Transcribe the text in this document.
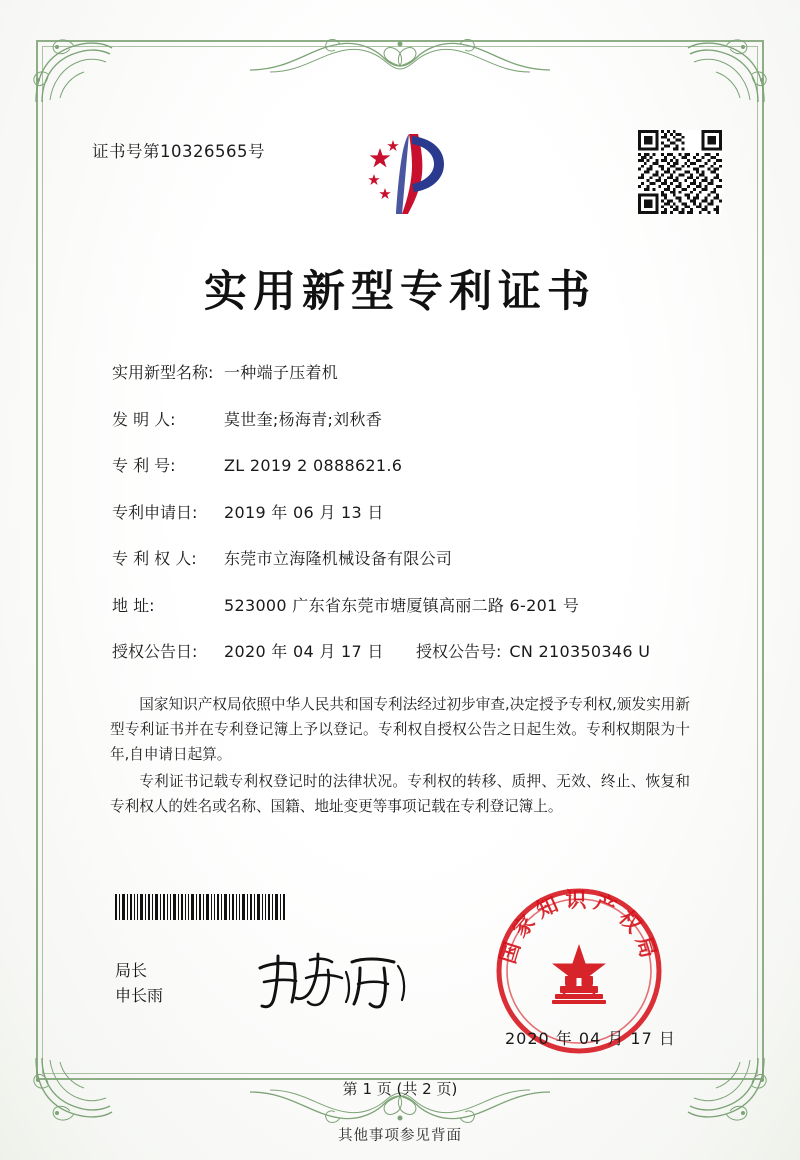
证书号第10326565号
实用新型专利证书
实用新型名称: 一种端子压着机
发 明 人:	莫世奎;杨海青;刘秋香
专 利 号:	ZL 2019 2 0888621.6
专利申请日:	2019 年 06 月 13 日
专 利 权 人:	东莞市立海隆机械设备有限公司
地 址:	523000 广东省东莞市塘厦镇高丽二路 6-201 号
授权公告日:	2020 年 04 月 17 日	授权公告号: CN 210350346 U

国家知识产权局依照中华人民共和国专利法经过初步审查,决定授予专利权,颁发实用新型专利证书并在专利登记簿上予以登记。专利权自授权公告之日起生效。专利权期限为十年,自申请日起算。

专利证书记载专利权登记时的法律状况。专利权的转移、质押、无效、终止、恢复和专利权人的姓名或名称、国籍、地址变更等事项记载在专利登记簿上。

局长
申长雨
国家知识产权局
2020 年 04 月 17 日
第 1 页 (共 2 页)
其他事项参见背面
